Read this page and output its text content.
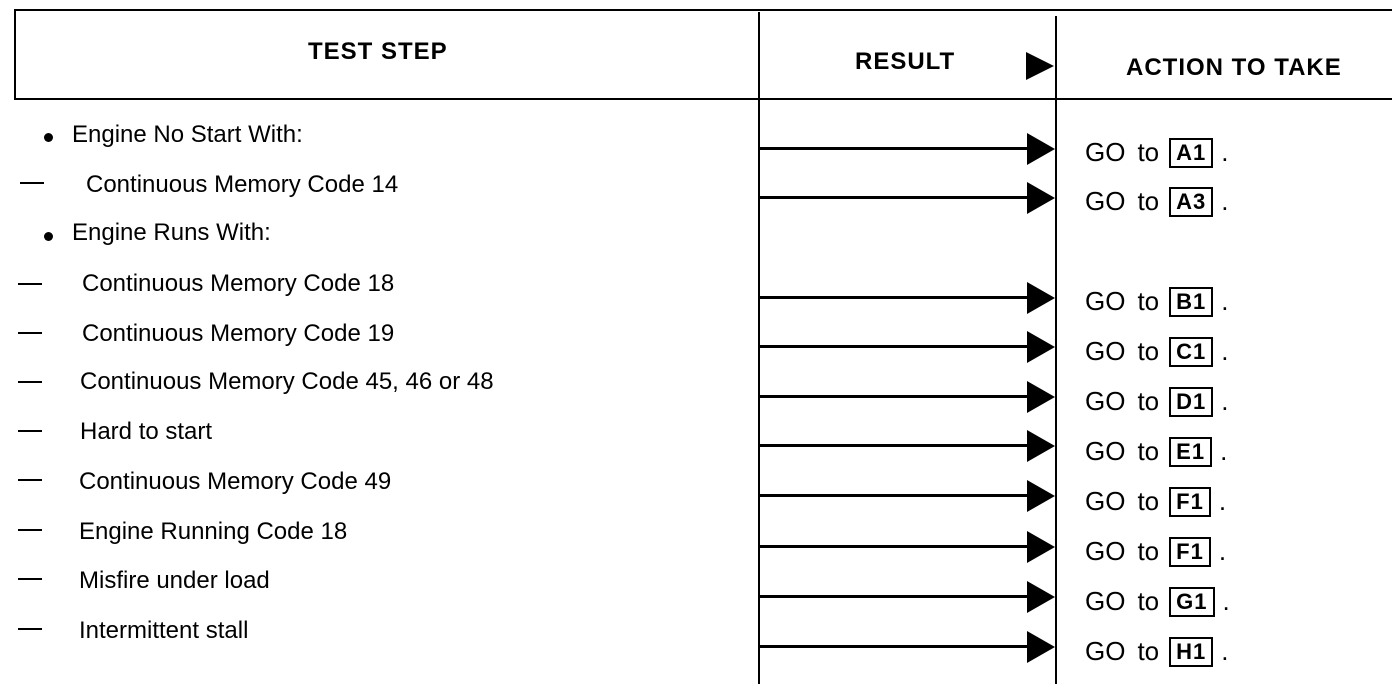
TEST STEP	RESULT	ACTION TO TAKE
Engine No Start With:
Continuous Memory Code 14
GO to A1 .
GO to A3 .
Engine Runs With:
Continuous Memory Code 18
GO to B1 .
Continuous Memory Code 19
GO to C1 .
Continuous Memory Code 45, 46 or 48
GO to D1 .
Hard to start
GO to E1 .
Continuous Memory Code 49
GO to F1 .
Engine Running Code 18
GO to F1 .
Misfire under load
GO to G1 .
Intermittent stall
GO to H1 .
